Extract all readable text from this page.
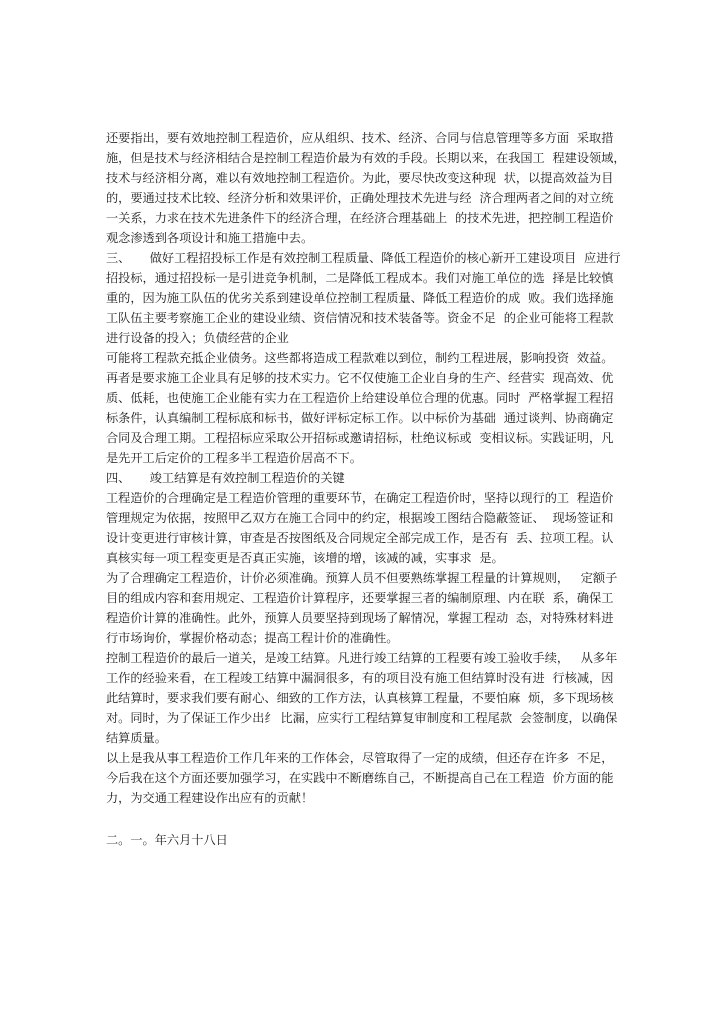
还要指出，要有效地控制工程造价，应从组织、技术、经济、合同与信息管理等多方面  采取措
施，但是技术与经济相结合是控制工程造价最为有效的手段。长期以来，在我国工  程建设领域，
技术与经济相分离，难以有效地控制工程造价。为此，要尽快改变这种现  状，以提高效益为目
的，要通过技术比较、经济分析和效果评价，正确处理技术先进与经  济合理两者之间的对立统
一关系，力求在技术先进条件下的经济合理，在经济合理基础上  的技术先进，把控制工程造价
观念渗透到各项设计和施工措施中去。
三、     做好工程招投标工作是有效控制工程质量、降低工程造价的核心新开工建设项目  应进行
招投标，通过招投标一是引进竞争机制，二是降低工程成本。我们对施工单位的选  择是比较慎
重的，因为施工队伍的优劣关系到建设单位控制工程质量、降低工程造价的成  败。我们选择施
工队伍主要考察施工企业的建设业绩、资信情况和技术装备等。资金不足  的企业可能将工程款
进行设备的投入；负债经营的企业
可能将工程款充抵企业债务。这些都将造成工程款难以到位，制约工程进展，影响投资  效益。
再者是要求施工企业具有足够的技术实力。它不仅使施工企业自身的生产、经营实  现高效、优
质、低耗，也使施工企业能有实力在工程造价上给建设单位合理的优惠。同时  严格掌握工程招
标条件，认真编制工程标底和标书，做好评标定标工作。以中标价为基础  通过谈判、协商确定
合同及合理工期。工程招标应采取公开招标或邀请招标，杜绝议标或  变相议标。实践证明，凡
是先开工后定价的工程多半工程造价居高不下。
四、     竣工结算是有效控制工程造价的关键
工程造价的合理确定是工程造价管理的重要环节，在确定工程造价时，坚持以现行的工  程造价
管理规定为依据，按照甲乙双方在施工合同中的约定，根据竣工图结合隐蔽签证、  现场签证和
设计变更进行审核计算，审查是否按图纸及合同规定全部完成工作，是否有  丢、拉项工程。认
真核实每一项工程变更是否真正实施，该增的增，该减的减，实事求  是。
为了合理确定工程造价，计价必须准确。预算人员不但要熟练掌握工程量的计算规则，   定额子
目的组成内容和套用规定、工程造价计算程序，还要掌握三者的编制原理、内在联  系，确保工
程造价计算的准确性。此外，预算人员要坚持到现场了解情况，掌握工程动  态，对特殊材料进
行市场询价，掌握价格动态；提高工程计价的准确性。
控制工程造价的最后一道关，是竣工结算。凡进行竣工结算的工程要有竣工验收手续，   从多年
工作的经验来看，在工程竣工结算中漏洞很多，有的项目没有施工但结算时没有进  行核减，因
此结算时，要求我们要有耐心、细致的工作方法，认真核算工程量，不要怕麻  烦，多下现场核
对。同时，为了保证工作少出纟 比漏，应实行工程结算复审制度和工程尾款  会签制度，以确保
结算质量。
以上是我从事工程造价工作几年来的工作体会，尽管取得了一定的成绩，但还存在许多  不足，
今后我在这个方面还要加强学习，在实践中不断磨练自己，不断提高自己在工程造  价方面的能
力，为交通工程建设作出应有的贡献！
二。一。年六月十八日
